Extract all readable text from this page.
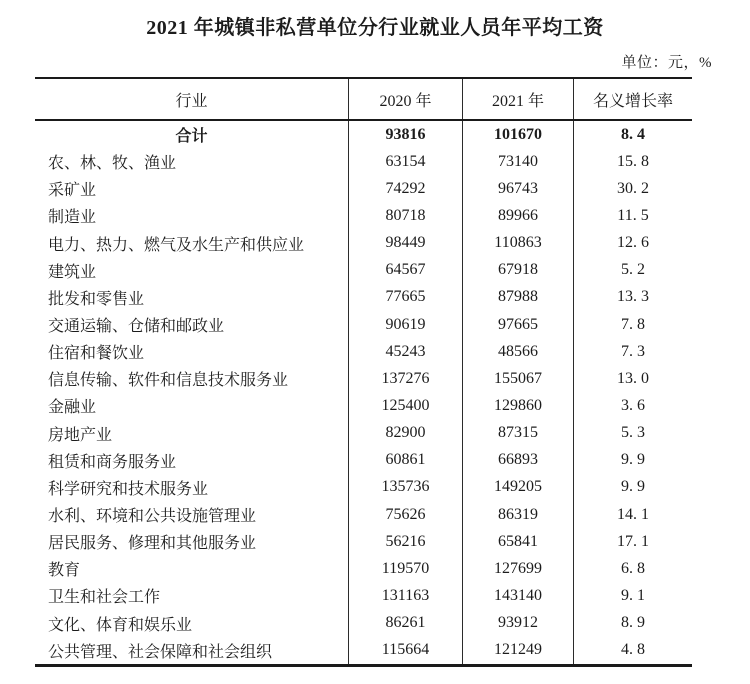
2021 年城镇非私营单位分行业就业人员年平均工资
单位：元，%
行业	2020 年	2021 年	名义增长率
合计	93816	101670	8. 4
农、林、牧、渔业	63154	73140	15. 8
采矿业	74292	96743	30. 2
制造业	80718	89966	11. 5
电力、热力、燃气及水生产和供应业	98449	110863	12. 6
建筑业	64567	67918	5. 2
批发和零售业	77665	87988	13. 3
交通运输、仓储和邮政业	90619	97665	7. 8
住宿和餐饮业	45243	48566	7. 3
信息传输、软件和信息技术服务业	137276	155067	13. 0
金融业	125400	129860	3. 6
房地产业	82900	87315	5. 3
租赁和商务服务业	60861	66893	9. 9
科学研究和技术服务业	135736	149205	9. 9
水利、环境和公共设施管理业	75626	86319	14. 1
居民服务、修理和其他服务业	56216	65841	17. 1
教育	119570	127699	6. 8
卫生和社会工作	131163	143140	9. 1
文化、体育和娱乐业	86261	93912	8. 9
公共管理、社会保障和社会组织	115664	121249	4. 8
